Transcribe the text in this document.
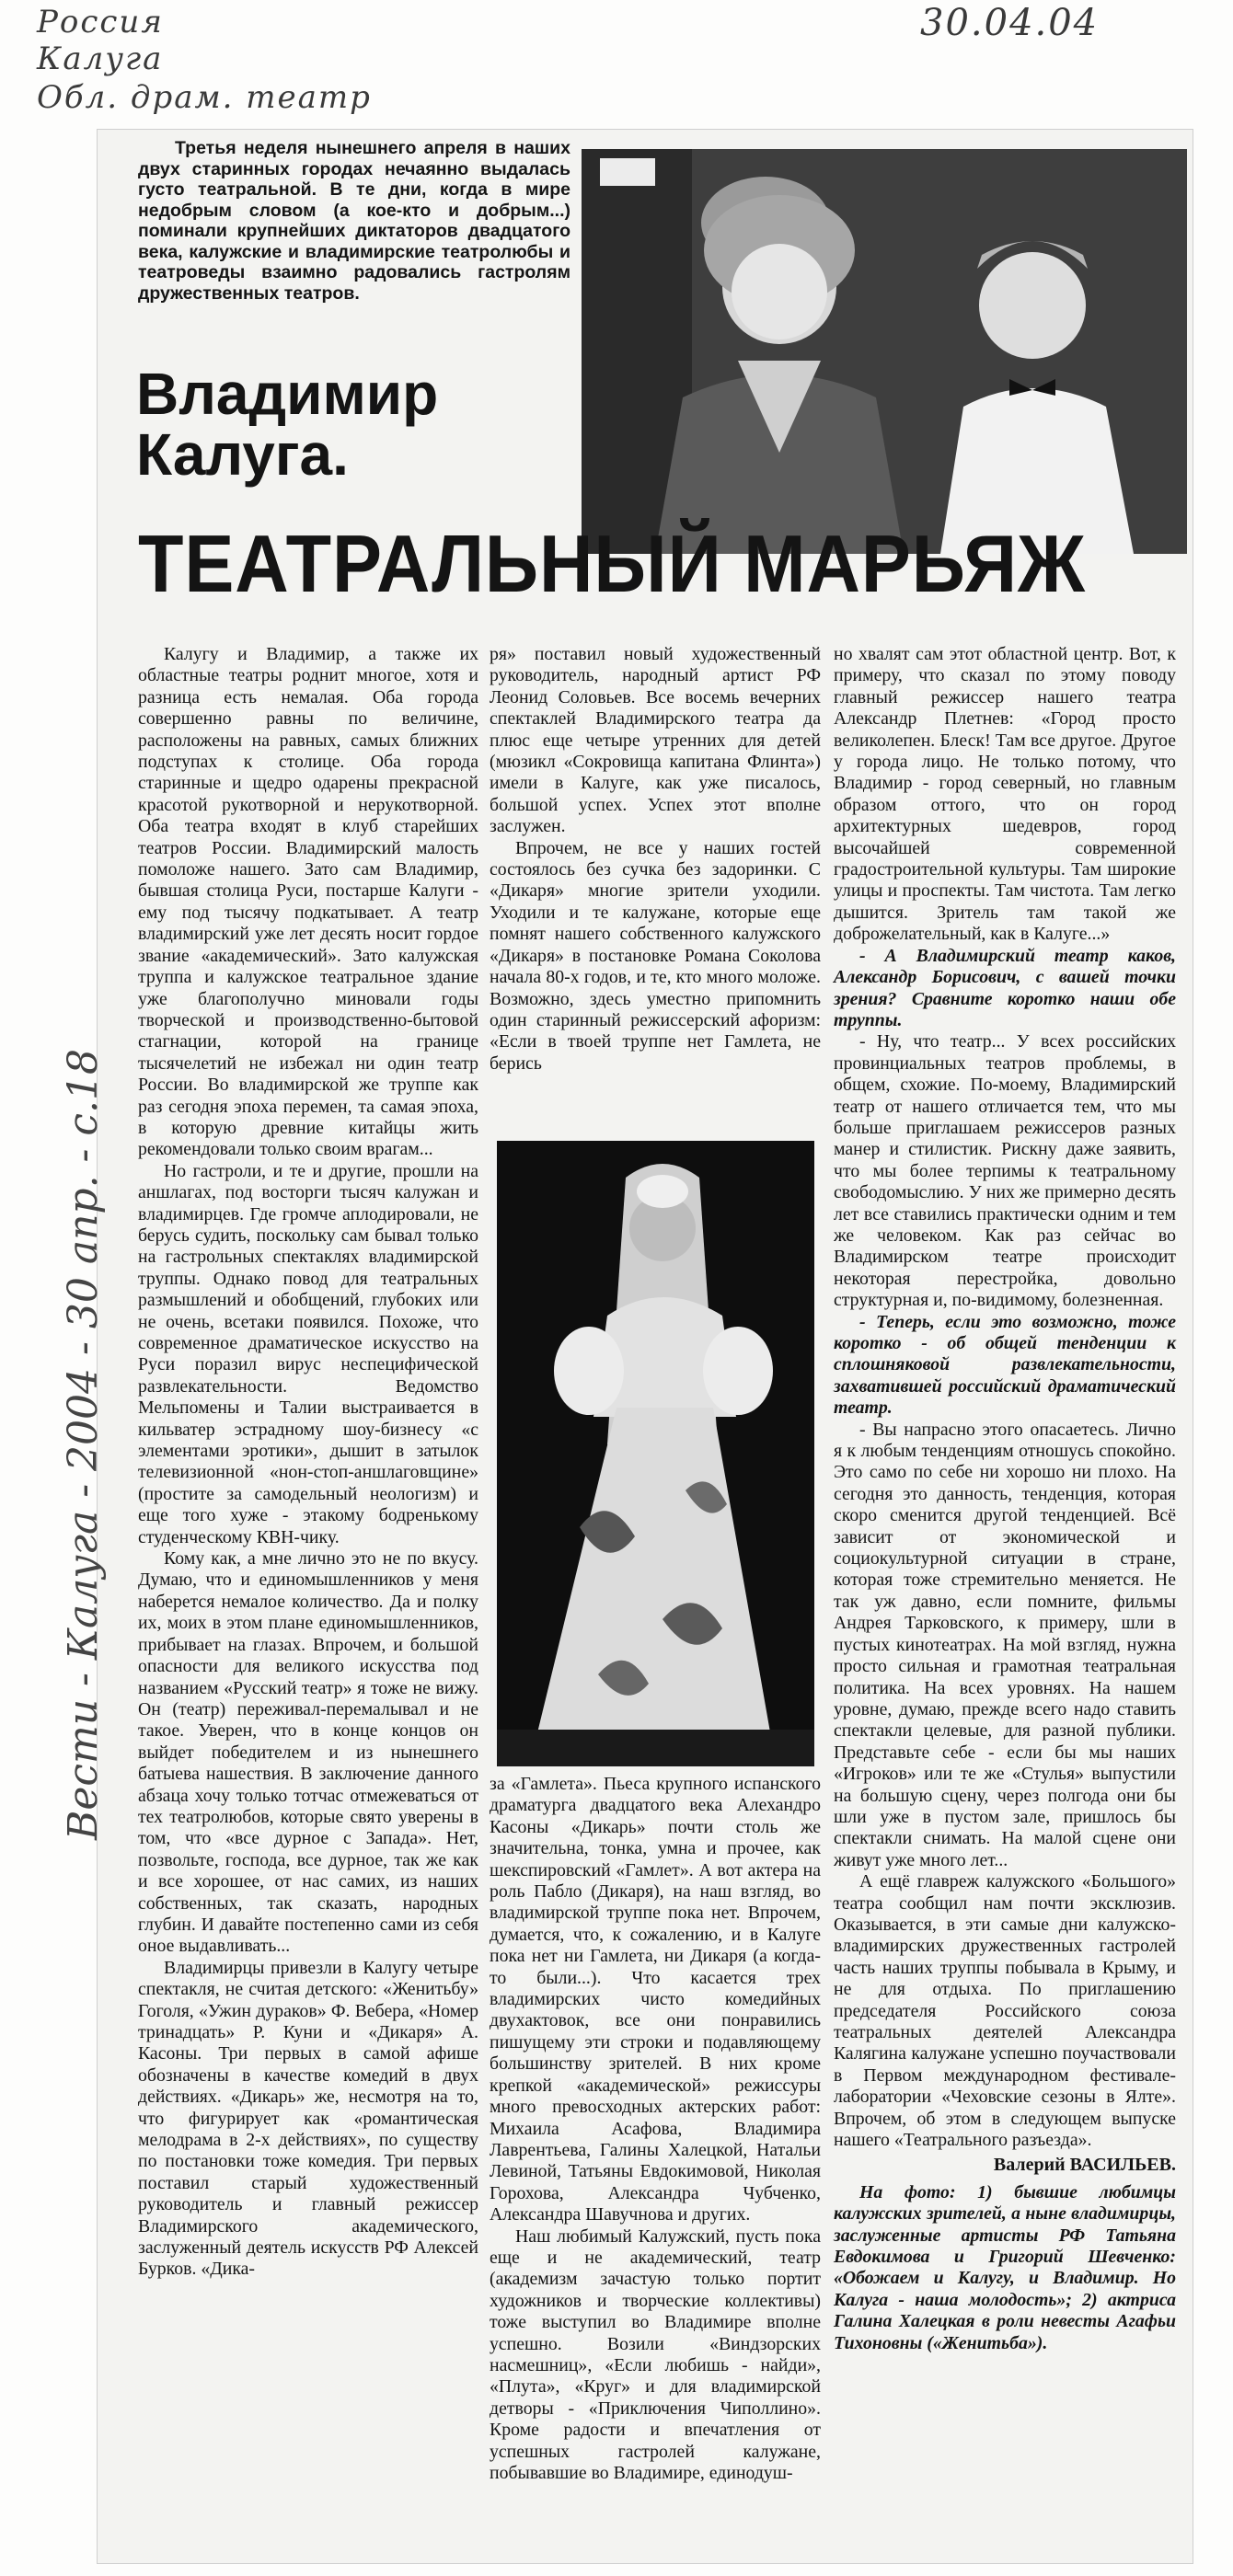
Россия
Калуга
Обл. драм. театр
30.04.04
Третья неделя нынешнего апреля в наших двух старинных городах нечаянно выдалась густо театральной. В те дни, когда в мире недобрым словом (а кое-кто и добрым...) поминали крупнейших диктаторов двадцатого века, калужские и владимирские театролюбы и театроведы взаимно радовались гастролям дружественных театров.
Владимир
Калуга.
ТЕАТРАЛЬНЫЙ МАРЬЯЖ
Вести - Калуга - 2004 - 30 апр. - с.18

Калугу и Владимир, а также их областные театры роднит многое, хотя и разница есть немалая. Оба города совершенно равны по величине, расположены на равных, самых ближних подступах к столице. Оба города старинные и щедро одарены прекрасной красотой рукотворной и нерукотворной. Оба театра входят в клуб старейших театров России. Владимирский малость помоложе нашего. Зато сам Владимир, бывшая столица Руси, постарше Калуги - ему под тысячу подкатывает. А театр владимирский уже лет десять носит гордое звание «академический». Зато калужская труппа и калужское театральное здание уже благополучно миновали годы творческой и производственно-бытовой стагнации, которой на границе тысячелетий не избежал ни один театр России. Во владимирской же труппе как раз сегодня эпоха перемен, та самая эпоха, в которую древние китайцы жить рекомендовали только своим врагам...

Но гастроли, и те и другие, прошли на аншлагах, под восторги тысяч калужан и владимирцев. Где громче аплодировали, не берусь судить, поскольку сам бывал только на гастрольных спектаклях владимирской труппы. Однако повод для театральных размышлений и обобщений, глубоких или не очень, всетаки появился. Похоже, что современное драматическое искусство на Руси поразил вирус неспецифической развлекательности. Ведомство Мельпомены и Талии выстраивается в кильватер эстрадному шоу-бизнесу «с элементами эротики», дышит в затылок телевизионной «нон-стоп-аншлаговщине» (простите за самодельный неологизм) и еще того хуже - этакому бодренькому студенческому КВН-чику.

Кому как, а мне лично это не по вкусу. Думаю, что и единомышленников у меня наберется немалое количество. Да и полку их, моих в этом плане единомышленников, прибывает на глазах. Впрочем, и большой опасности для великого искусства под названием «Русский театр» я тоже не вижу. Он (театр) переживал-перемалывал и не такое. Уверен, что в конце концов он выйдет победителем и из нынешнего батыева нашествия. В заключение данного абзаца хочу только тотчас отмежеваться от тех театролюбов, которые свято уверены в том, что «все дурное с Запада». Нет, позвольте, господа, все дурное, так же как и все хорошее, от нас самих, из наших собственных, так сказать, народных глубин. И давайте постепенно сами из себя оное выдавливать...

Владимирцы привезли в Калугу четыре спектакля, не считая детского: «Женитьбу» Гоголя, «Ужин дураков» Ф. Вебера, «Номер тринадцать» Р. Куни и «Дикаря» А. Касоны. Три первых в самой афише обозначены в качестве комедий в двух действиях. «Дикарь» же, несмотря на то, что фигурирует как «романтическая мелодрама в 2-х действиях», по существу по постановки тоже комедия. Три первых поставил старый художественный руководитель и главный режиссер Владимирского академического, заслуженный деятель искусств РФ Алексей Бурков. «Дика-

ря» поставил новый художественный руководитель, народный артист РФ Леонид Соловьев. Все восемь вечерних спектаклей Владимирского театра да плюс еще четыре утренних для детей (мюзикл «Сокровища капитана Флинта») имели в Калуге, как уже писалось, большой успех. Успех этот вполне заслужен.

Впрочем, не все у наших гостей состоялось без сучка без задоринки. С «Дикаря» многие зрители уходили. Уходили и те калужане, которые еще помнят нашего собственного калужского «Дикаря» в постановке Романа Соколова начала 80-х годов, и те, кто много моложе. Возможно, здесь уместно припомнить один старинный режиссерский афоризм: «Если в твоей труппе нет Гамлета, не берись

за «Гамлета». Пьеса крупного испанского драматурга двадцатого века Алехандро Касоны «Дикарь» почти столь же значительна, тонка, умна и прочее, как шекспировский «Гамлет». А вот актера на роль Пабло (Дикаря), на наш взгляд, во владимирской труппе пока нет. Впрочем, думается, что, к сожалению, и в Калуге пока нет ни Гамлета, ни Дикаря (а когда-то были...). Что касается трех владимирских чисто комедийных двухактовок, все они понравились пишущему эти строки и подавляющему большинству зрителей. В них кроме крепкой «академической» режиссуры много превосходных актерских работ: Михаила Асафова, Владимира Лаврентьева, Галины Халецкой, Натальи Левиной, Татьяны Евдокимовой, Николая Горохова, Александра Чубченко, Александра Шавучнова и других.

Наш любимый Калужский, пусть пока еще и не академический, театр (академизм зачастую только портит художников и творческие коллективы) тоже выступил во Владимире вполне успешно. Возили «Виндзорских насмешниц», «Если любишь - найди», «Плута», «Круг» и для владимирской детворы - «Приключения Чиполлино». Кроме радости и впечатления от успешных гастролей калужане, побывавшие во Владимире, единодуш-

но хвалят сам этот областной центр. Вот, к примеру, что сказал по этому поводу главный режиссер нашего театра Александр Плетнев: «Город просто великолепен. Блеск! Там все другое. Другое у города лицо. Не только потому, что Владимир - город северный, но главным образом оттого, что он город архитектурных шедевров, город высочайшей современной градостроительной культуры. Там широкие улицы и проспекты. Там чистота. Там легко дышится. Зритель там такой же доброжелательный, как в Калуге...»

- А Владимирский театр каков, Александр Борисович, с вашей точки зрения? Сравните коротко наши обе труппы.

- Ну, что театр... У всех российских провинциальных театров проблемы, в общем, схожие. По-моему, Владимирский театр от нашего отличается тем, что мы больше приглашаем режиссеров разных манер и стилистик. Рискну даже заявить, что мы более терпимы к театральному свободомыслию. У них же примерно десять лет все ставились практически одним и тем же человеком. Как раз сейчас во Владимирском театре происходит некоторая перестройка, довольно структурная и, по-видимому, болезненная.

- Теперь, если это возможно, тоже коротко - об общей тенденции к сплошняковой развлекательности, захватившей российский драматический театр.

- Вы напрасно этого опасаетесь. Лично я к любым тенденциям отношусь спокойно. Это само по себе ни хорошо ни плохо. На сегодня это данность, тенденция, которая скоро сменится другой тенденцией. Всё зависит от экономической и социокультурной ситуации в стране, которая тоже стремительно меняется. Не так уж давно, если помните, фильмы Андрея Тарковского, к примеру, шли в пустых кинотеатрах. На мой взгляд, нужна просто сильная и грамотная театральная политика. На всех уровнях. На нашем уровне, думаю, прежде всего надо ставить спектакли целевые, для разной публики. Представьте себе - если бы мы наших «Игроков» или те же «Стулья» выпустили на большую сцену, через полгода они бы шли уже в пустом зале, пришлось бы спектакли снимать. На малой сцене они живут уже много лет...

А ещё главреж калужского «Большого» театра сообщил нам почти эксклюзив. Оказывается, в эти самые дни калужско-владимирских дружественных гастролей часть наших труппы побывала в Крыму, и не для отдыха. По приглашению председателя Российского союза театральных деятелей Александра Калягина калужане успешно поучаствовали в Первом международном фестивале-лаборатории «Чеховские сезоны в Ялте». Впрочем, об этом в следующем выпуске нашего «Театрального разъезда».

Валерий ВАСИЛЬЕВ.

На фото: 1) бывшие любимцы калужских зрителей, а ныне владимирцы, заслуженные артисты РФ Татьяна Евдокимова и Григорий Шевченко: «Обожаем и Калугу, и Владимир. Но Калуга - наша молодость»; 2) актриса Галина Халецкая в роли невесты Агафьи Тихоновны («Женитьба»).
